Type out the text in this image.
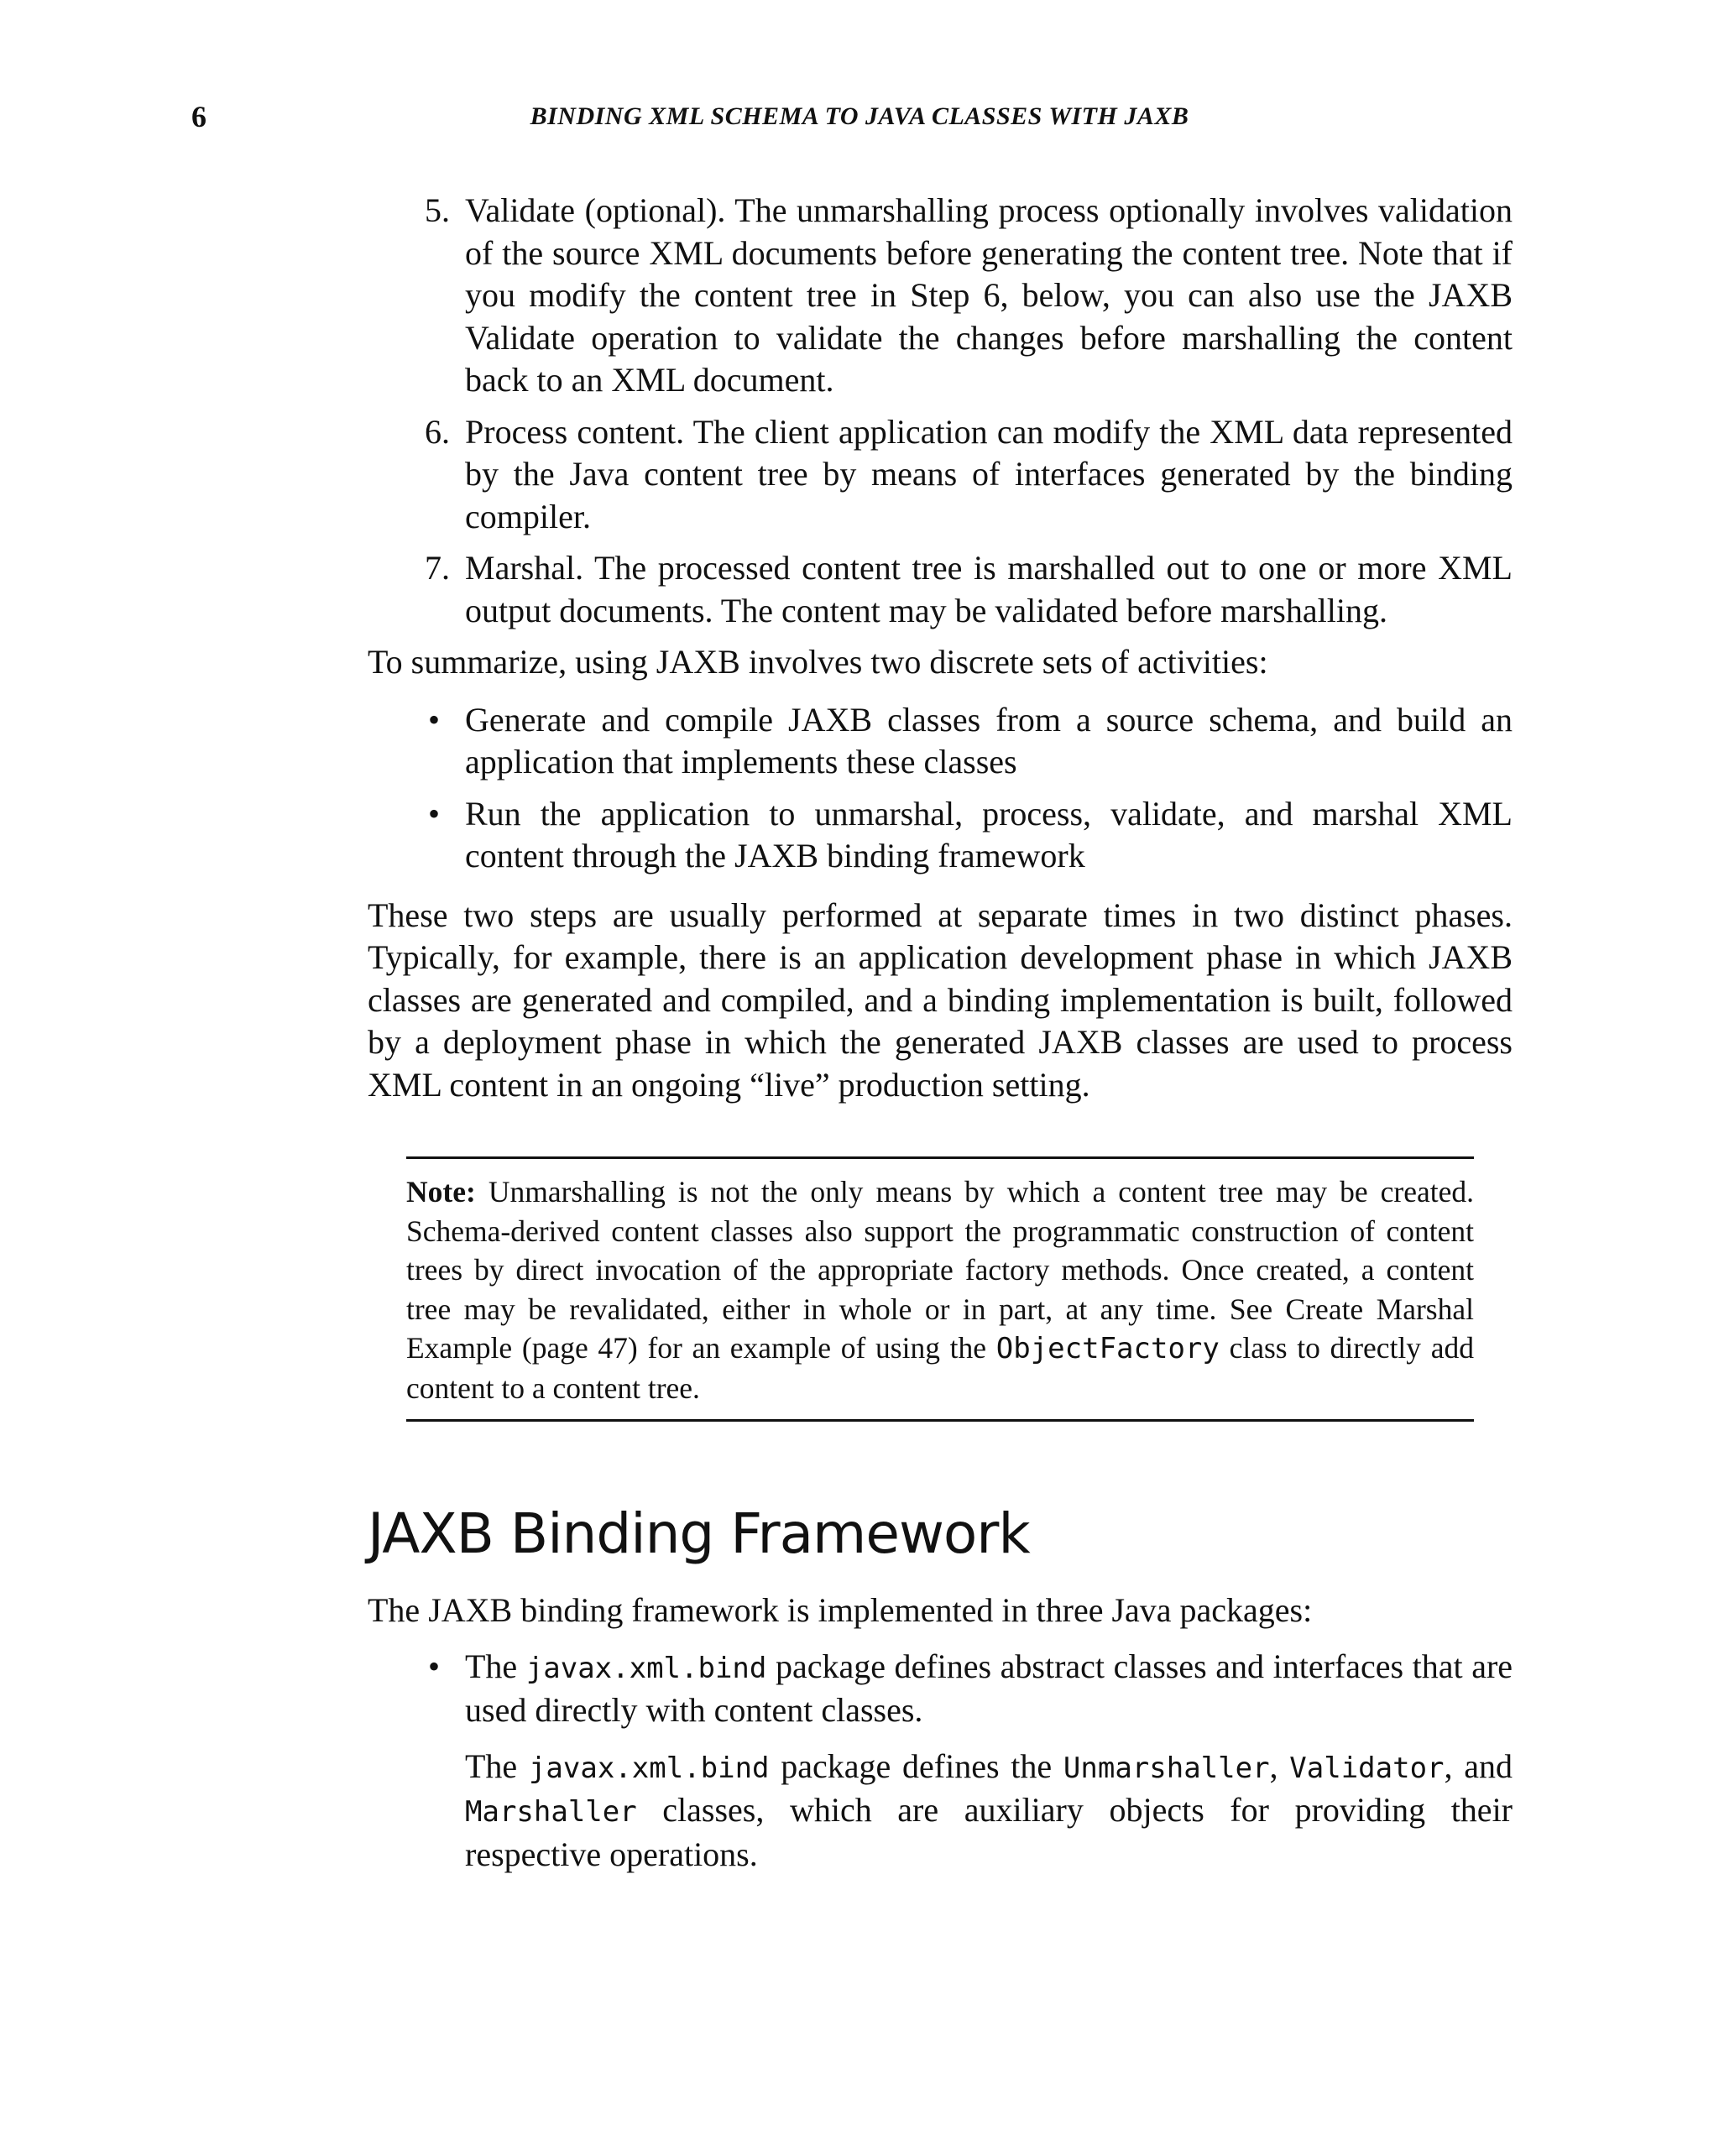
6	BINDING XML SCHEMA TO JAVA CLASSES WITH JAXB
5. Validate (optional). The unmarshalling process optionally involves validation of the source XML documents before generating the content tree. Note that if you modify the content tree in Step 6, below, you can also use the JAXB Validate operation to validate the changes before marshalling the content back to an XML document.
6. Process content. The client application can modify the XML data represented by the Java content tree by means of interfaces generated by the binding compiler.
7. Marshal. The processed content tree is marshalled out to one or more XML output documents. The content may be validated before marshalling.

To summarize, using JAXB involves two discrete sets of activities:

• Generate and compile JAXB classes from a source schema, and build an application that implements these classes
• Run the application to unmarshal, process, validate, and marshal XML content through the JAXB binding framework

These two steps are usually performed at separate times in two distinct phases. Typically, for example, there is an application development phase in which JAXB classes are generated and compiled, and a binding implementation is built, followed by a deployment phase in which the generated JAXB classes are used to process XML content in an ongoing “live” production setting.

Note: Unmarshalling is not the only means by which a content tree may be created. Schema-derived content classes also support the programmatic construction of content trees by direct invocation of the appropriate factory methods. Once created, a content tree may be revalidated, either in whole or in part, at any time. See Create Marshal Example (page 47) for an example of using the ObjectFactory class to directly add content to a content tree.
JAXB Binding Framework

The JAXB binding framework is implemented in three Java packages:

• The javax.xml.bind package defines abstract classes and interfaces that are used directly with content classes.

The javax.xml.bind package defines the Unmarshaller, Validator, and Marshaller classes, which are auxiliary objects for providing their respective operations.
